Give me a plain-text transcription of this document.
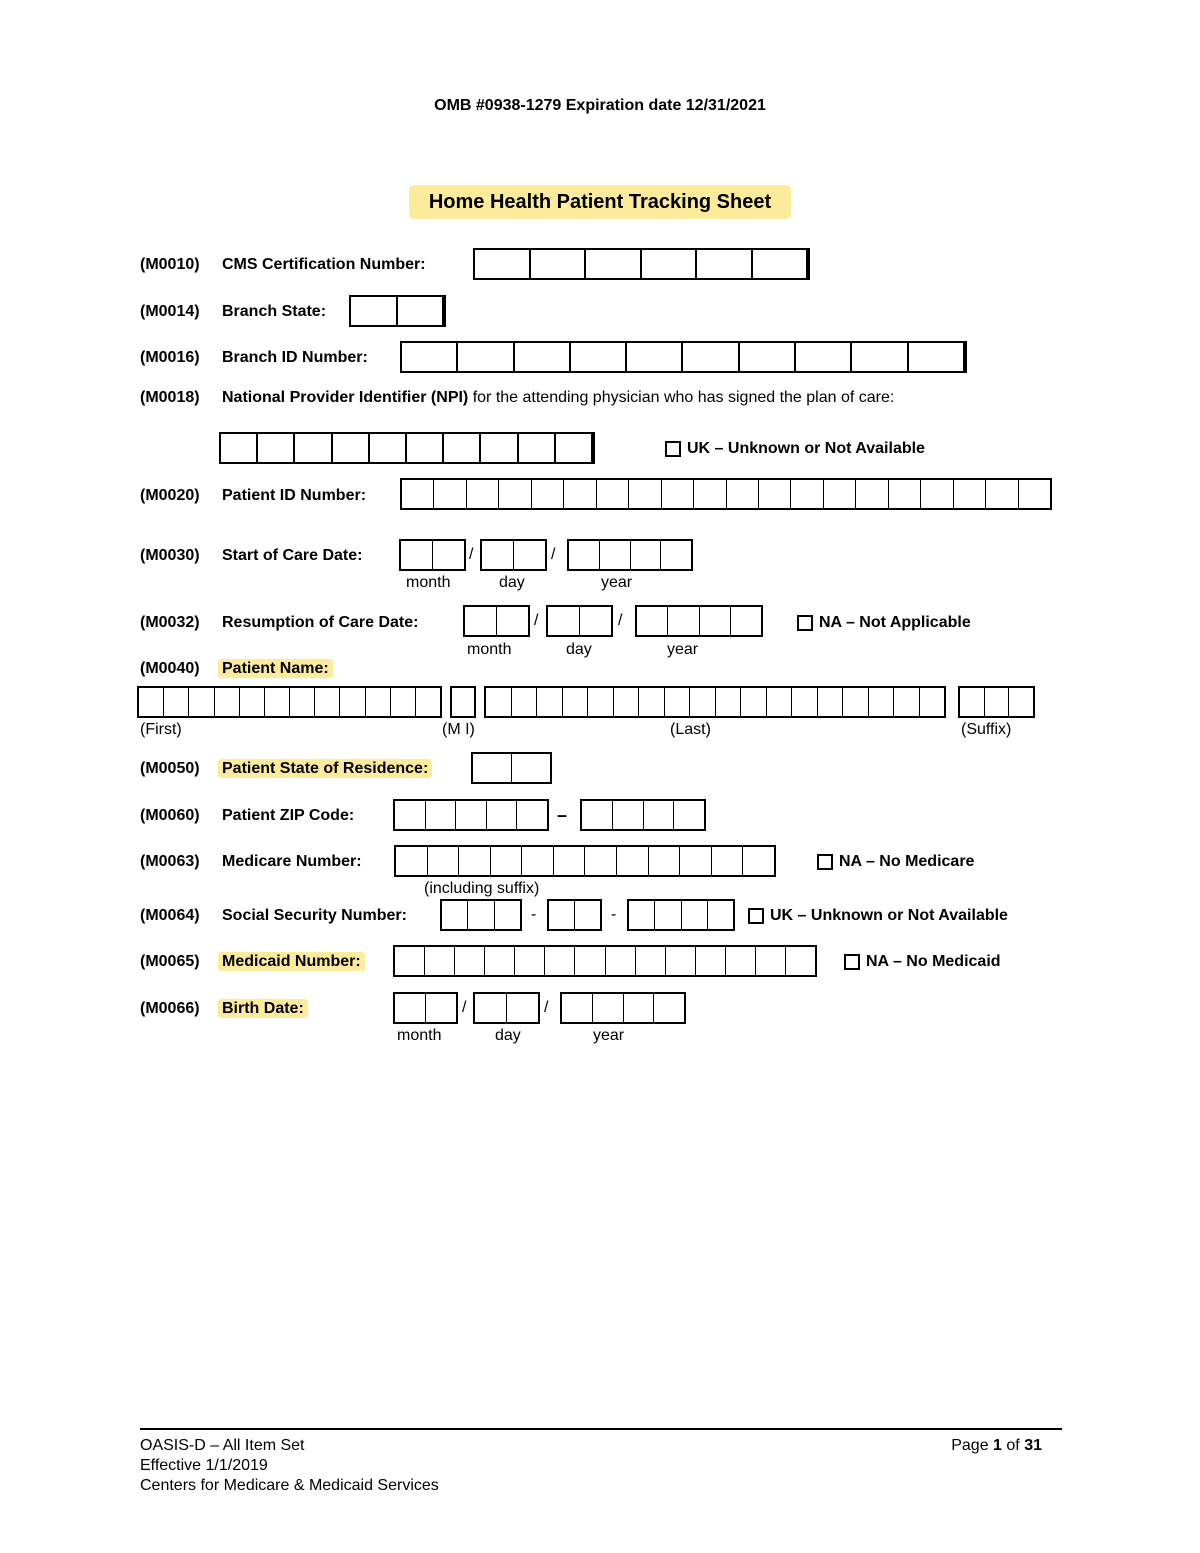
OMB #0938-1279 Expiration date 12/31/2021
Home Health Patient Tracking Sheet
(M0010) CMS Certification Number:
(M0014) Branch State:
(M0016) Branch ID Number:
(M0018) National Provider Identifier (NPI) for the attending physician who has signed the plan of care:
UK – Unknown or Not Available
(M0020) Patient ID Number:
(M0030) Start of Care Date:	/	/
month	day	year
(M0032) Resumption of Care Date:	/	/
month	day	year
NA – Not Applicable
(M0040) Patient Name:
(First)	(M I)	(Last)	(Suffix)
(M0050) Patient State of Residence:
(M0060) Patient ZIP Code:	–
(M0063) Medicare Number:
(including suffix)
NA – No Medicare
(M0064) Social Security Number:	-	-	UK – Unknown or Not Available
(M0065) Medicaid Number:	NA – No Medicaid
(M0066) Birth Date:	/	/
month	day	year
OASIS-D – All Item Set
Effective 1/1/2019
Centers for Medicare & Medicaid Services
Page 1 of 31
